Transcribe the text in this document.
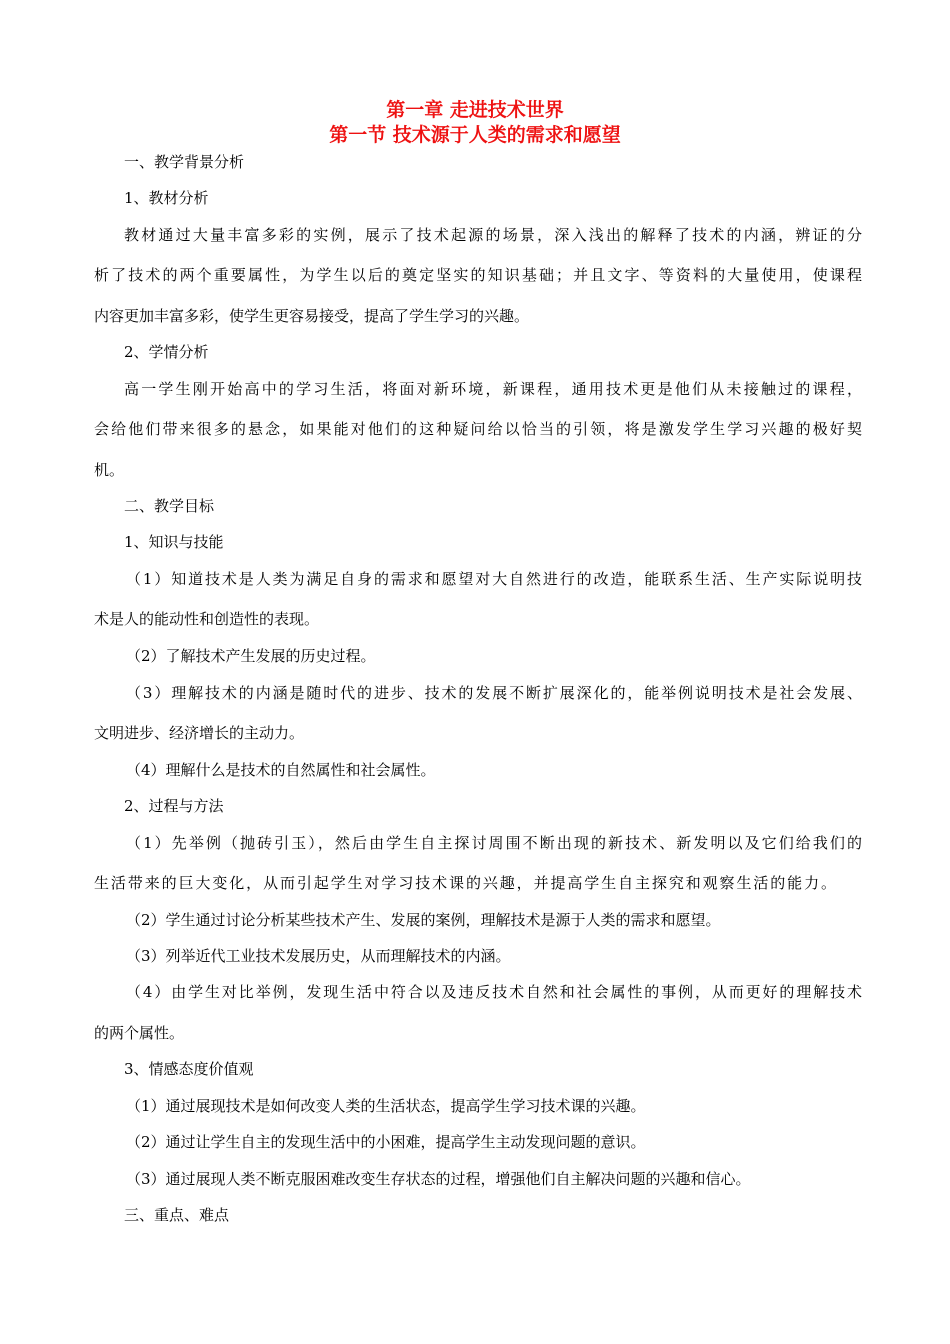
第一章 走进技术世界
第一节 技术源于人类的需求和愿望

一、教学背景分析

1、教材分析

教材通过大量丰富多彩的实例，展示了技术起源的场景，深入浅出的解释了技术的内涵，辨证的分

析了技术的两个重要属性，为学生以后的奠定坚实的知识基础；并且文字、等资料的大量使用，使课程

内容更加丰富多彩，使学生更容易接受，提高了学生学习的兴趣。

2、学情分析

高一学生刚开始高中的学习生活，将面对新环境，新课程，通用技术更是他们从未接触过的课程，

会给他们带来很多的悬念，如果能对他们的这种疑问给以恰当的引领，将是激发学生学习兴趣的极好契

机。

二、教学目标

1、知识与技能

（1）知道技术是人类为满足自身的需求和愿望对大自然进行的改造，能联系生活、生产实际说明技

术是人的能动性和创造性的表现。

（2）了解技术产生发展的历史过程。

（3）理解技术的内涵是随时代的进步、技术的发展不断扩展深化的，能举例说明技术是社会发展、

文明进步、经济增长的主动力。

（4）理解什么是技术的自然属性和社会属性。

2、过程与方法

（1）先举例（抛砖引玉），然后由学生自主探讨周围不断出现的新技术、新发明以及它们给我们的

生活带来的巨大变化，从而引起学生对学习技术课的兴趣，并提高学生自主探究和观察生活的能力。

（2）学生通过讨论分析某些技术产生、发展的案例，理解技术是源于人类的需求和愿望。

（3）列举近代工业技术发展历史，从而理解技术的内涵。

（4）由学生对比举例，发现生活中符合以及违反技术自然和社会属性的事例，从而更好的理解技术

的两个属性。

3、情感态度价值观

（1）通过展现技术是如何改变人类的生活状态，提高学生学习技术课的兴趣。

（2）通过让学生自主的发现生活中的小困难，提高学生主动发现问题的意识。

（3）通过展现人类不断克服困难改变生存状态的过程，增强他们自主解决问题的兴趣和信心。

三、重点、难点
